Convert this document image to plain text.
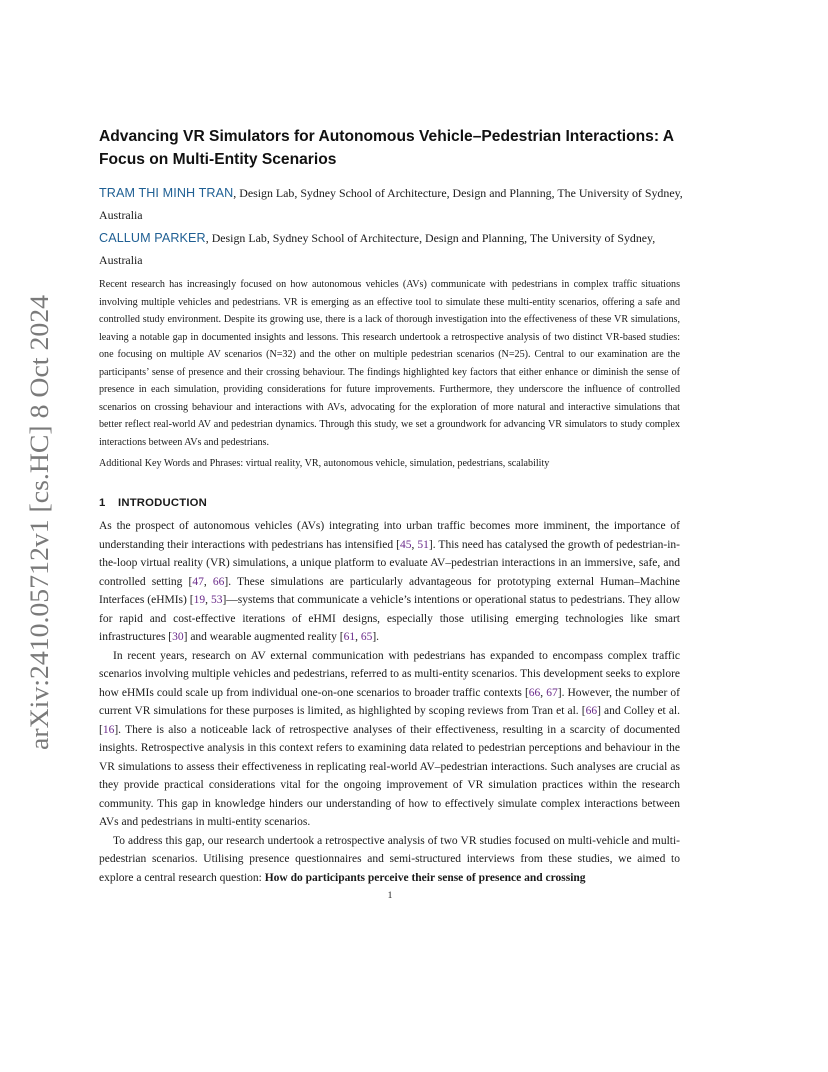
arXiv:2410.05712v1 [cs.HC] 8 Oct 2024
Advancing VR Simulators for Autonomous Vehicle–Pedestrian Interactions: A Focus on Multi-Entity Scenarios

TRAM THI MINH TRAN, Design Lab, Sydney School of Architecture, Design and Planning, The University of Sydney, Australia

CALLUM PARKER, Design Lab, Sydney School of Architecture, Design and Planning, The University of Sydney, Australia

Recent research has increasingly focused on how autonomous vehicles (AVs) communicate with pedestrians in complex traffic situations involving multiple vehicles and pedestrians. VR is emerging as an effective tool to simulate these multi-entity scenarios, offering a safe and controlled study environment. Despite its growing use, there is a lack of thorough investigation into the effectiveness of these VR simulations, leaving a notable gap in documented insights and lessons. This research undertook a retrospective analysis of two distinct VR-based studies: one focusing on multiple AV scenarios (N=32) and the other on multiple pedestrian scenarios (N=25). Central to our examination are the participants’ sense of presence and their crossing behaviour. The findings highlighted key factors that either enhance or diminish the sense of presence in each simulation, providing considerations for future improvements. Furthermore, they underscore the influence of controlled scenarios on crossing behaviour and interactions with AVs, advocating for the exploration of more natural and interactive simulations that better reflect real-world AV and pedestrian dynamics. Through this study, we set a groundwork for advancing VR simulators to study complex interactions between AVs and pedestrians.

Additional Key Words and Phrases: virtual reality, VR, autonomous vehicle, simulation, pedestrians, scalability

1 INTRODUCTION

As the prospect of autonomous vehicles (AVs) integrating into urban traffic becomes more imminent, the importance of understanding their interactions with pedestrians has intensified [45, 51]. This need has catalysed the growth of pedestrian-in-the-loop virtual reality (VR) simulations, a unique platform to evaluate AV–pedestrian interactions in an immersive, safe, and controlled setting [47, 66]. These simulations are particularly advantageous for prototyping external Human–Machine Interfaces (eHMIs) [19, 53]—systems that communicate a vehicle’s intentions or operational status to pedestrians. They allow for rapid and cost-effective iterations of eHMI designs, especially those utilising emerging technologies like smart infrastructures [30] and wearable augmented reality [61, 65].

In recent years, research on AV external communication with pedestrians has expanded to encompass complex traffic scenarios involving multiple vehicles and pedestrians, referred to as multi-entity scenarios. This development seeks to explore how eHMIs could scale up from individual one-on-one scenarios to broader traffic contexts [66, 67]. However, the number of current VR simulations for these purposes is limited, as highlighted by scoping reviews from Tran et al. [66] and Colley et al. [16]. There is also a noticeable lack of retrospective analyses of their effectiveness, resulting in a scarcity of documented insights. Retrospective analysis in this context refers to examining data related to pedestrian perceptions and behaviour in the VR simulations to assess their effectiveness in replicating real-world AV–pedestrian interactions. Such analyses are crucial as they provide practical considerations vital for the ongoing improvement of VR simulation practices within the research community. This gap in knowledge hinders our understanding of how to effectively simulate complex interactions between AVs and pedestrians in multi-entity scenarios.

To address this gap, our research undertook a retrospective analysis of two VR studies focused on multi-vehicle and multi-pedestrian scenarios. Utilising presence questionnaires and semi-structured interviews from these studies, we aimed to explore a central research question: How do participants perceive their sense of presence and crossing

1
